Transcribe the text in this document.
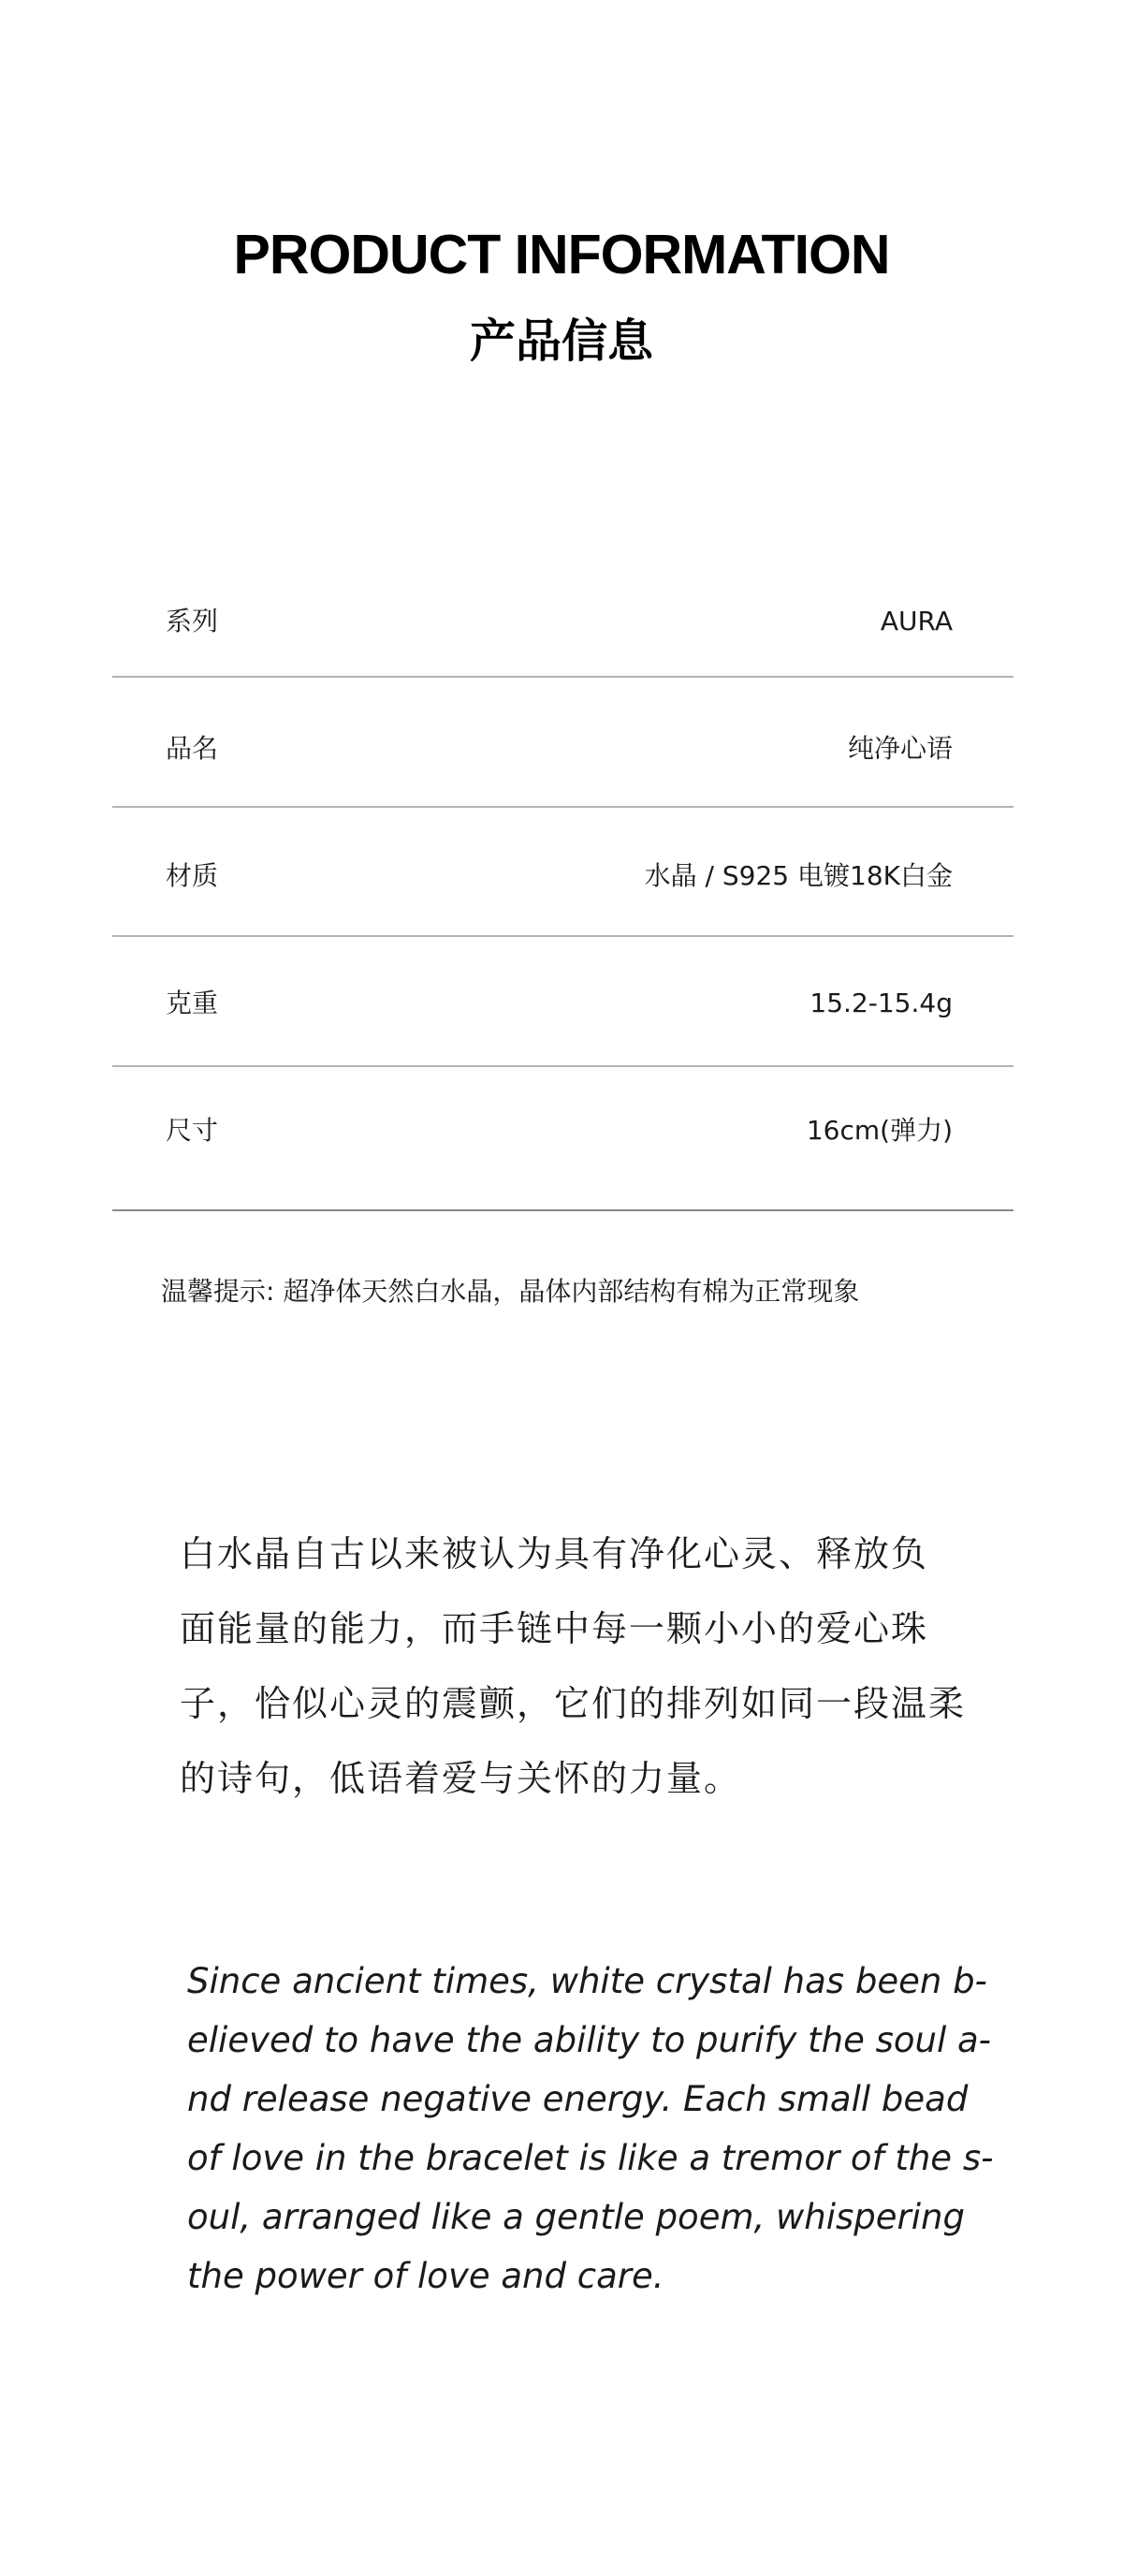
PRODUCT INFORMATION
产品信息
系列	AURA
品名	纯净心语
材质	水晶 / S925 电镀18K白金
克重	15.2-15.4g
尺寸	16cm(弹力)
温馨提示: 超净体天然白水晶，晶体内部结构有棉为正常现象
白水晶自古以来被认为具有净化心灵、释放负
面能量的能力，而手链中每一颗小小的爱心珠
子，恰似心灵的震颤，它们的排列如同一段温柔
的诗句，低语着爱与关怀的力量。
Since ancient times, white crystal has been b-
elieved to have the ability to purify the soul a-
nd release negative energy. Each small bead
of love in the bracelet is like a tremor of the s-
oul, arranged like a gentle poem, whispering
the power of love and care.
